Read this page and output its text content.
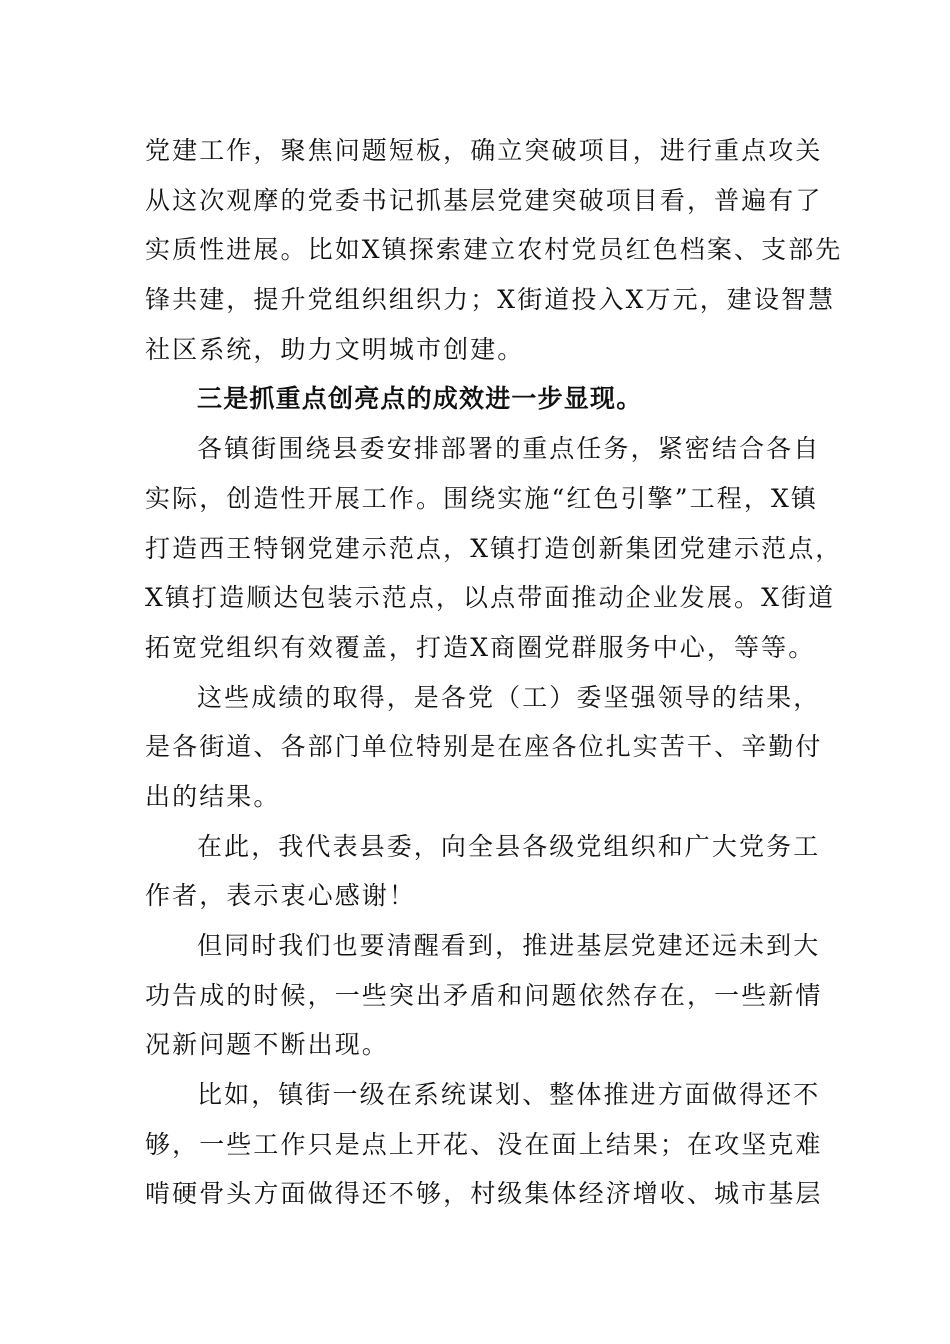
党建工作，聚焦问题短板，确立突破项目，进行重点攻关
从这次观摩的党委书记抓基层党建突破项目看，普遍有了
实质性进展。比如X镇探索建立农村党员红色档案、支部先
锋共建，提升党组织组织力；X街道投入X万元，建设智慧
社区系统，助力文明城市创建。
三是抓重点创亮点的成效进一步显现。
各镇街围绕县委安排部署的重点任务，紧密结合各自
实际，创造性开展工作。围绕实施“红色引擎”工程，X镇
打造西王特钢党建示范点，X镇打造创新集团党建示范点，
X镇打造顺达包装示范点，以点带面推动企业发展。X街道
拓宽党组织有效覆盖，打造X商圈党群服务中心，等等。
这些成绩的取得，是各党（工）委坚强领导的结果，
是各街道、各部门单位特别是在座各位扎实苦干、辛勤付
出的结果。
在此，我代表县委，向全县各级党组织和广大党务工
作者，表示衷心感谢！
但同时我们也要清醒看到，推进基层党建还远未到大
功告成的时候，一些突出矛盾和问题依然存在，一些新情
况新问题不断出现。
比如，镇街一级在系统谋划、整体推进方面做得还不
够，一些工作只是点上开花、没在面上结果；在攻坚克难
啃硬骨头方面做得还不够，村级集体经济增收、城市基层
